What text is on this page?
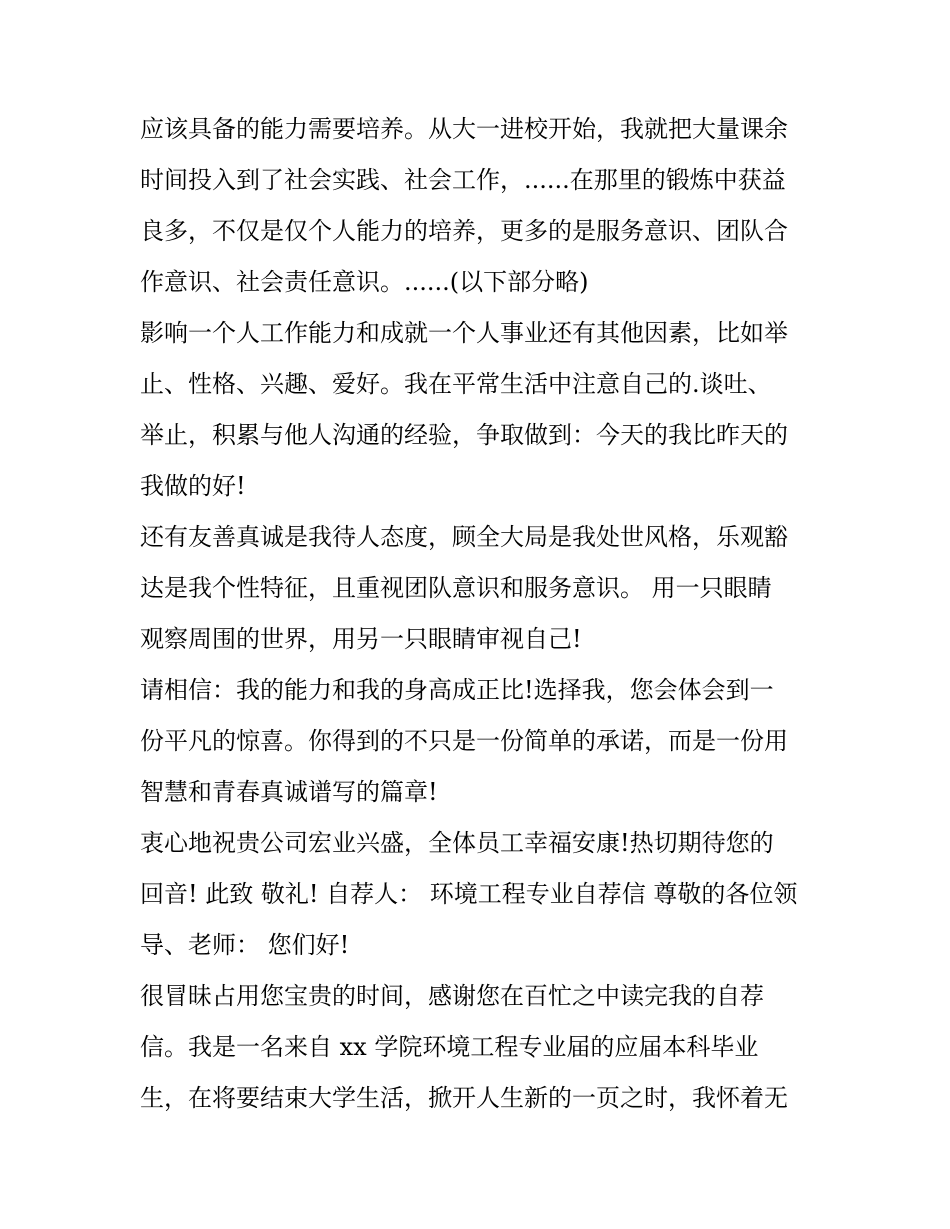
应该具备的能力需要培养。从大一进校开始，我就把大量课余
时间投入到了社会实践、社会工作，......在那里的锻炼中获益
良多，不仅是仅个人能力的培养，更多的是服务意识、团队合
作意识、社会责任意识。......(以下部分略)
影响一个人工作能力和成就一个人事业还有其他因素，比如举
止、性格、兴趣、爱好。我在平常生活中注意自己的.谈吐、
举止，积累与他人沟通的经验，争取做到：今天的我比昨天的
我做的好!
还有友善真诚是我待人态度，顾全大局是我处世风格，乐观豁
达是我个性特征，且重视团队意识和服务意识。 用一只眼睛
观察周围的世界，用另一只眼睛审视自己!
请相信：我的能力和我的身高成正比!选择我，您会体会到一
份平凡的惊喜。你得到的不只是一份简单的承诺，而是一份用
智慧和青春真诚谱写的篇章!
衷心地祝贵公司宏业兴盛，全体员工幸福安康!热切期待您的
回音! 此致 敬礼! 自荐人： 环境工程专业自荐信 尊敬的各位领
导、老师： 您们好!
很冒昧占用您宝贵的时间，感谢您在百忙之中读完我的自荐
信。我是一名来自 xx 学院环境工程专业届的应届本科毕业
生，在将要结束大学生活，掀开人生新的一页之时，我怀着无
